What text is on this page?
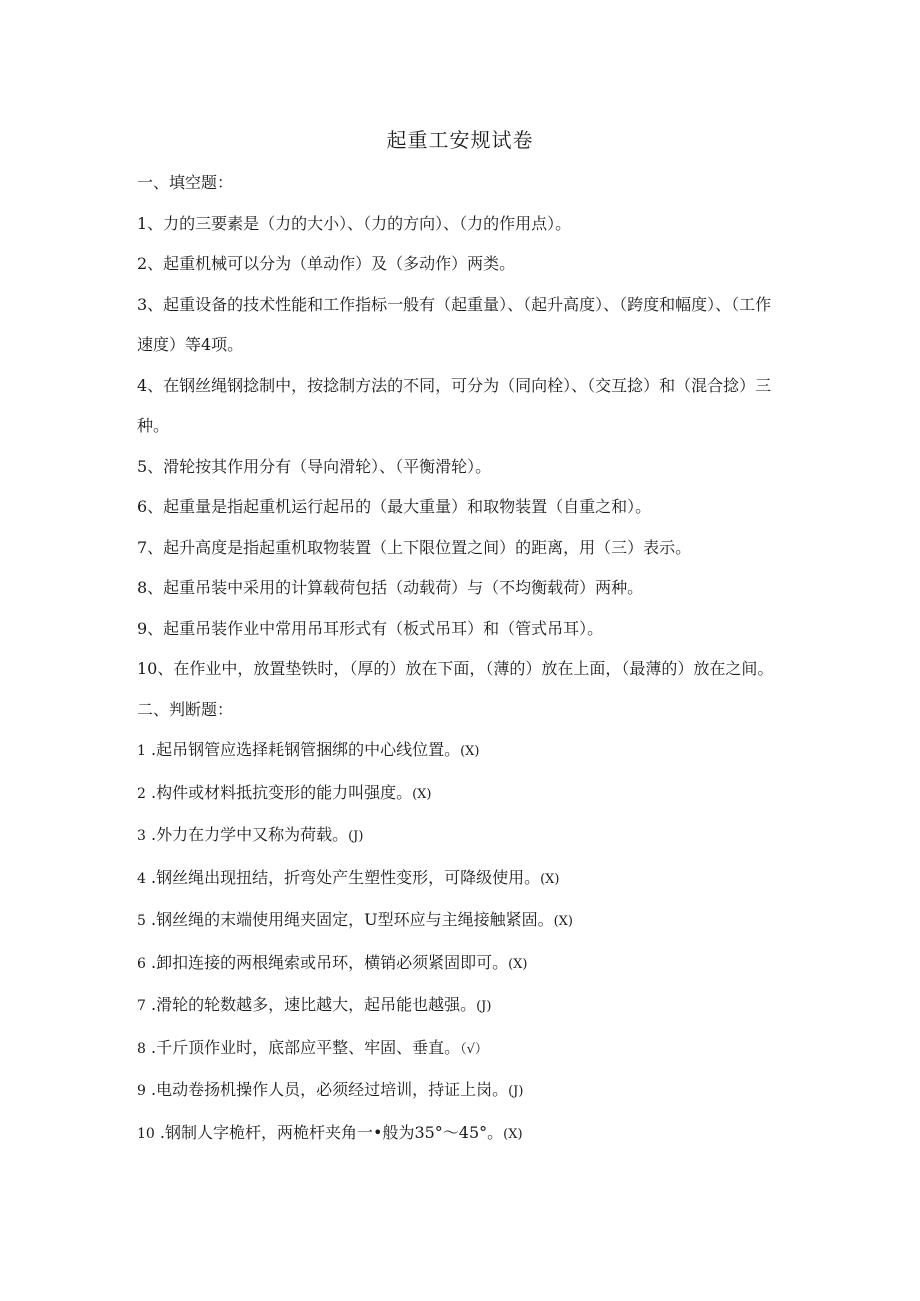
起重工安规试卷
一、填空题：
1、力的三要素是（力的大小）、（力的方向）、（力的作用点）。
2、起重机械可以分为（单动作）及（多动作）两类。
3、起重设备的技术性能和工作指标一般有（起重量）、（起升高度）、（跨度和幅度）、（工作速度）等4项。
4、在钢丝绳钢捻制中，按捻制方法的不同，可分为（同向栓）、（交互捻）和（混合捻）三种。
5、滑轮按其作用分有（导向滑轮）、（平衡滑轮）。
6、起重量是指起重机运行起吊的（最大重量）和取物装置（自重之和）。
7、起升高度是指起重机取物装置（上下限位置之间）的距离，用（三）表示。
8、起重吊装中采用的计算载荷包括（动载荷）与（不均衡载荷）两种。
9、起重吊装作业中常用吊耳形式有（板式吊耳）和（管式吊耳）。
10、在作业中，放置垫铁时，（厚的）放在下面，（薄的）放在上面，（最薄的）放在之间。
二、判断题：
1 .起吊钢管应选择耗钢管捆绑的中心线位置。(X)
2 .构件或材料抵抗变形的能力叫强度。(X)
3 .外力在力学中又称为荷载。(J)
4 .钢丝绳出现扭结，折弯处产生塑性变形，可降级使用。(X)
5 .钢丝绳的末端使用绳夹固定，U型环应与主绳接触紧固。(X)
6 .卸扣连接的两根绳索或吊环，横销必须紧固即可。(X)
7 .滑轮的轮数越多，速比越大，起吊能也越强。(J)
8 .千斤顶作业时，底部应平整、牢固、垂直。（√）
9 .电动卷扬机操作人员，必须经过培训，持证上岗。(J)
10 .钢制人字桅杆，两桅杆夹角一•般为35°～45°。(X)
